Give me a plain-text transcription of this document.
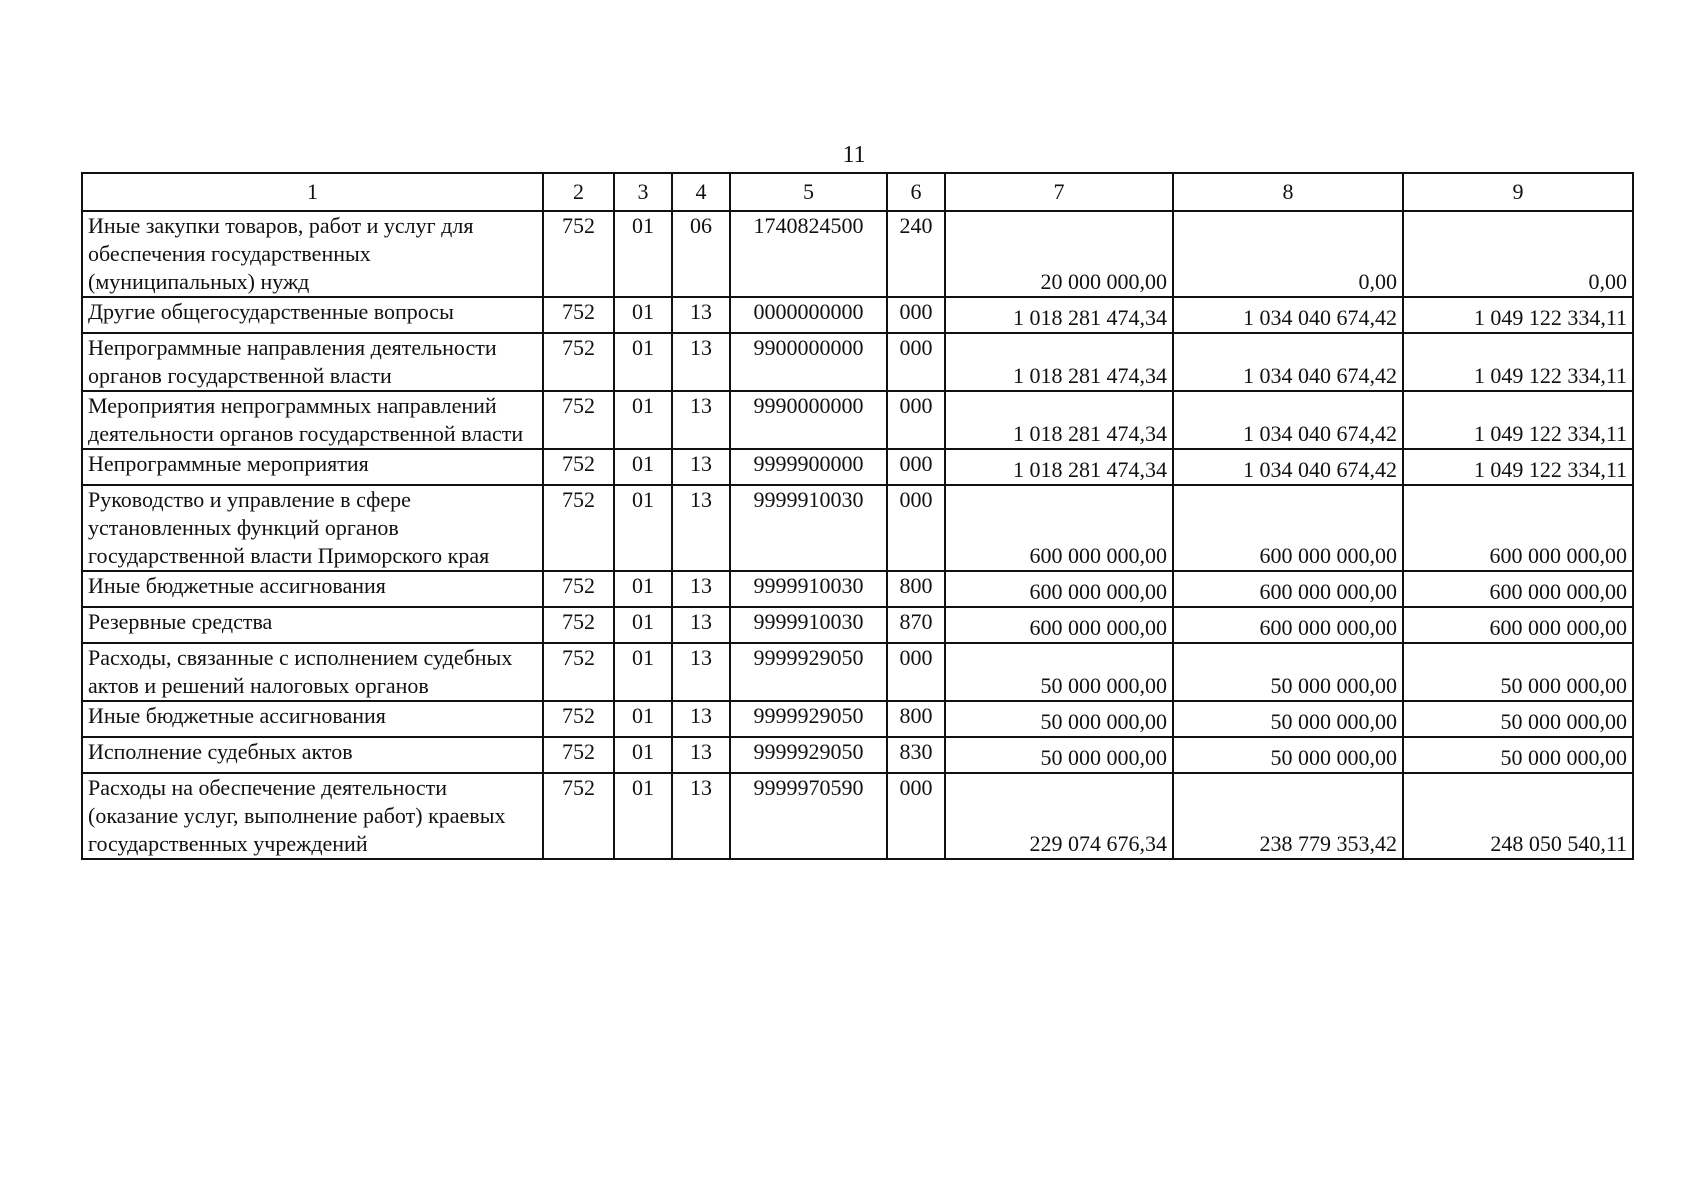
11
1	2	3	4	5	6	7	8	9
Иные закупки товаров, работ и услуг для обеспечения государственных (муниципальных) нужд	752	01	06	1740824500	240	20 000 000,00	0,00	0,00
Другие общегосударственные вопросы	752	01	13	0000000000	000	1 018 281 474,34	1 034 040 674,42	1 049 122 334,11
Непрограммные направления деятельности органов государственной власти	752	01	13	9900000000	000	1 018 281 474,34	1 034 040 674,42	1 049 122 334,11
Мероприятия непрограммных направлений деятельности органов государственной власти	752	01	13	9990000000	000	1 018 281 474,34	1 034 040 674,42	1 049 122 334,11
Непрограммные мероприятия	752	01	13	9999900000	000	1 018 281 474,34	1 034 040 674,42	1 049 122 334,11
Руководство и управление в сфере установленных функций органов государственной власти Приморского края	752	01	13	9999910030	000	600 000 000,00	600 000 000,00	600 000 000,00
Иные бюджетные ассигнования	752	01	13	9999910030	800	600 000 000,00	600 000 000,00	600 000 000,00
Резервные средства	752	01	13	9999910030	870	600 000 000,00	600 000 000,00	600 000 000,00
Расходы, связанные с исполнением судебных актов и решений налоговых органов	752	01	13	9999929050	000	50 000 000,00	50 000 000,00	50 000 000,00
Иные бюджетные ассигнования	752	01	13	9999929050	800	50 000 000,00	50 000 000,00	50 000 000,00
Исполнение судебных актов	752	01	13	9999929050	830	50 000 000,00	50 000 000,00	50 000 000,00
Расходы на обеспечение деятельности (оказание услуг, выполнение работ) краевых государственных учреждений	752	01	13	9999970590	000	229 074 676,34	238 779 353,42	248 050 540,11
